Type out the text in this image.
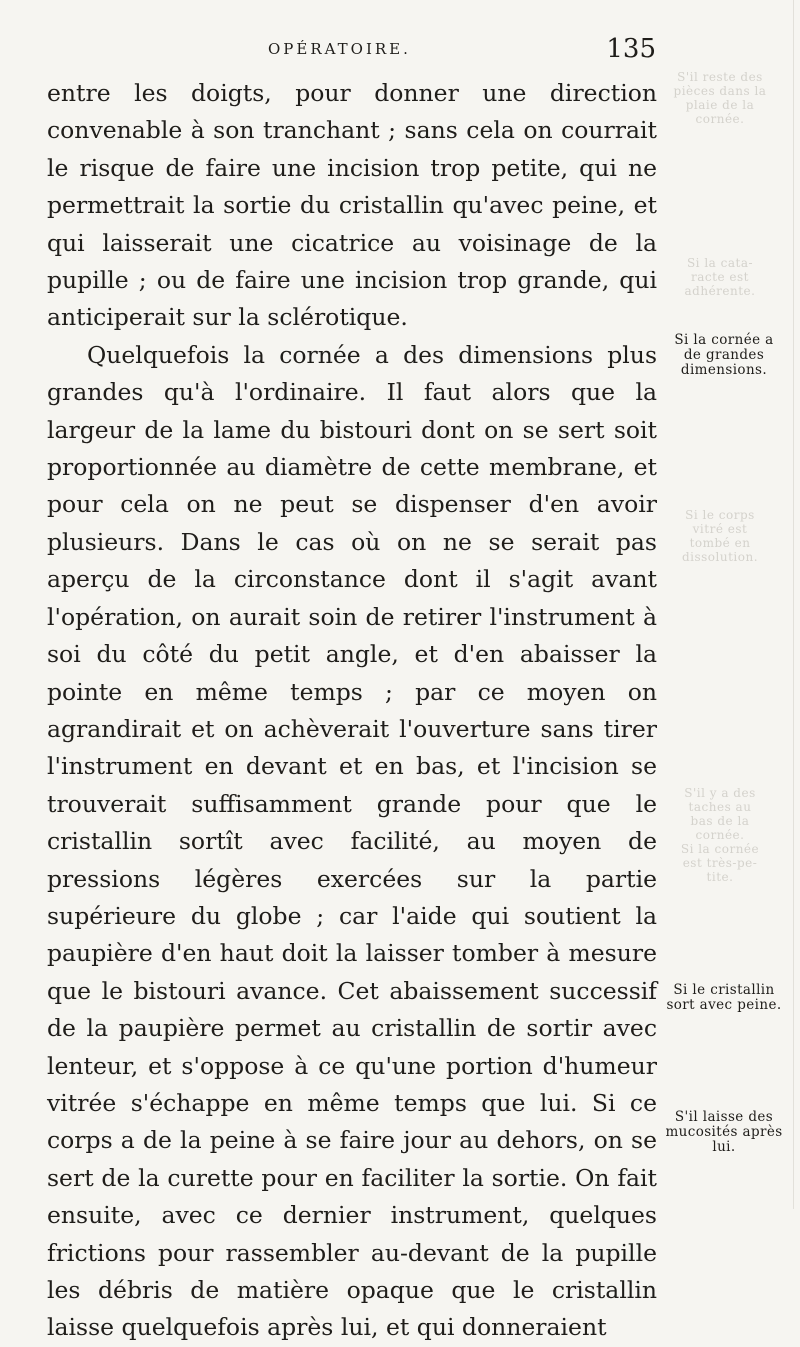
S'il reste des
pièces dans la
plaie de la
cornée.
Si la cata-
racte est
adhérente.
Si le corps
vitré est
tombé en
dissolution.
S'il y a des
taches au
bas de la
cornée.
Si la cornée
est très-pe-
tite.
OPÉRATOIRE.	135

entre les doigts, pour donner une direction convenable à son tranchant ; sans cela on courrait le risque de faire une incision trop petite, qui ne permettrait la sortie du cristallin qu'avec peine, et qui laisserait une cicatrice au voisinage de la pupille ; ou de faire une incision trop grande, qui anticiperait sur la sclérotique.

Quelquefois la cornée a des dimensions plus grandes qu'à l'ordinaire. Il faut alors que la largeur de la lame du bistouri dont on se sert soit proportionnée au diamètre de cette membrane, et pour cela on ne peut se dispenser d'en avoir plusieurs. Dans le cas où on ne se serait pas aperçu de la circonstance dont il s'agit avant l'opération, on aurait soin de retirer l'instrument à soi du côté du petit angle, et d'en abaisser la pointe en même temps ; par ce moyen on agrandirait et on achèverait l'ouverture sans tirer l'instrument en devant et en bas, et l'incision se trouverait suffisamment grande pour que le cristallin sortît avec facilité, au moyen de pressions légères exercées sur la partie supérieure du globe ; car l'aide qui soutient la paupière d'en haut doit la laisser tomber à mesure que le bistouri avance. Cet abaissement successif de la paupière permet au cristallin de sortir avec lenteur, et s'oppose à ce qu'une portion d'humeur vitrée s'échappe en même temps que lui. Si ce corps a de la peine à se faire jour au dehors, on se sert de la curette pour en faciliter la sortie. On fait ensuite, avec ce dernier instrument, quelques frictions pour rassembler au-devant de la pupille les débris de matière opaque que le cristallin laisse quelquefois après lui, et qui donneraient

Si la cornée a de grandes dimensions.
Si le cristallin sort avec peine.
S'il laisse des mucosités après lui.
